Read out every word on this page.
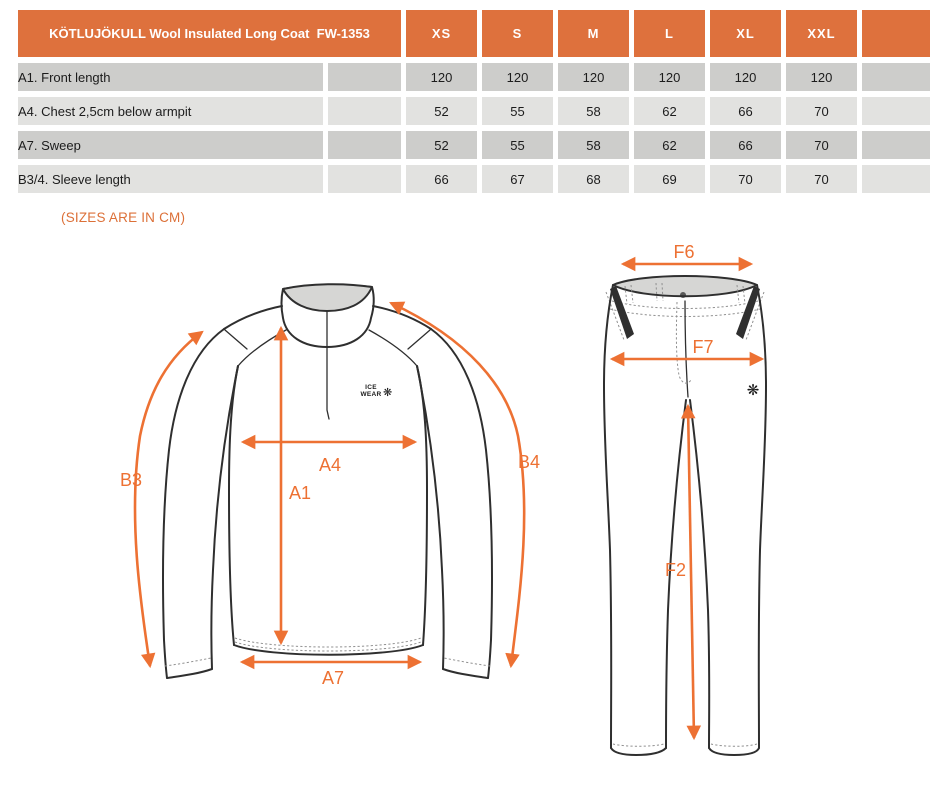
KÖTLUJÖKULL Wool Insulated Long Coat  FW-1353		XS	S	M	L	XL	XXL	
A1. Front length		120	120	120	120	120	120	
A4. Chest 2,5cm below armpit		52	55	58	62	66	70	
A7. Sweep		52	55	58	62	66	70	
B3/4. Sleeve length		66	67	68	69	70	70	
(SIZES ARE IN CM)
ICE
WEAR ❋
B3
A4
A1
B4
A7
❋
F6
F7
F2
